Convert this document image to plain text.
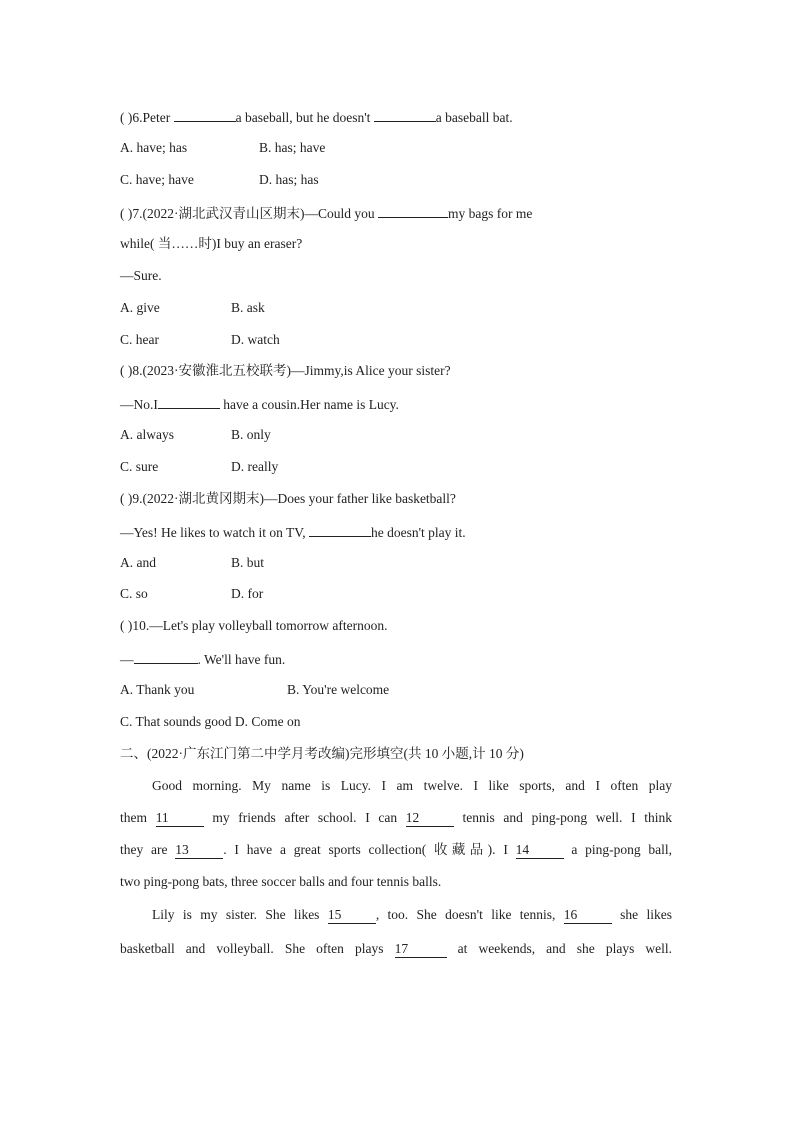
( )6.Peter	a baseball, but he doesn't	a baseball bat.
A. have; has	B. has; have
C. have; have	D. has; has
( )7.(2022·湖北武汉青山区期末)—Could you	my bags for me
while( 当……时)I buy an eraser?
—Sure.
A. give	B. ask
C. hear	D. watch
( )8.(2023·安徽淮北五校联考)—Jimmy,is Alice your sister?
—No.I	have a cousin.Her name is Lucy.
A. always	B. only
C. sure	D. really
( )9.(2022·湖北黄冈期末)—Does your father like basketball?
—Yes! He likes to watch it on TV,	he doesn't play it.
A. and	B. but
C. so	D. for
( )10.—Let's play volleyball tomorrow afternoon.
—	. We'll have fun.
A. Thank you	B. You're welcome
C. That sounds good D. Come on
二、(2022·广东江门第二中学月考改编)完形填空(共 10 小题,计 10 分)
Good morning. My name is Lucy. I am twelve. I like sports, and I often play
them 11	my friends after school. I can 12	tennis and ping-pong well. I think
they are 13	. I have a great sports collection( 收藏品). I 14	a ping-pong ball,
two ping-pong bats, three soccer balls and four tennis balls.
Lily is my sister. She likes 15	, too. She doesn't like tennis, 16	she likes
basketball and volleyball. She often plays 17	at weekends, and she plays well.
